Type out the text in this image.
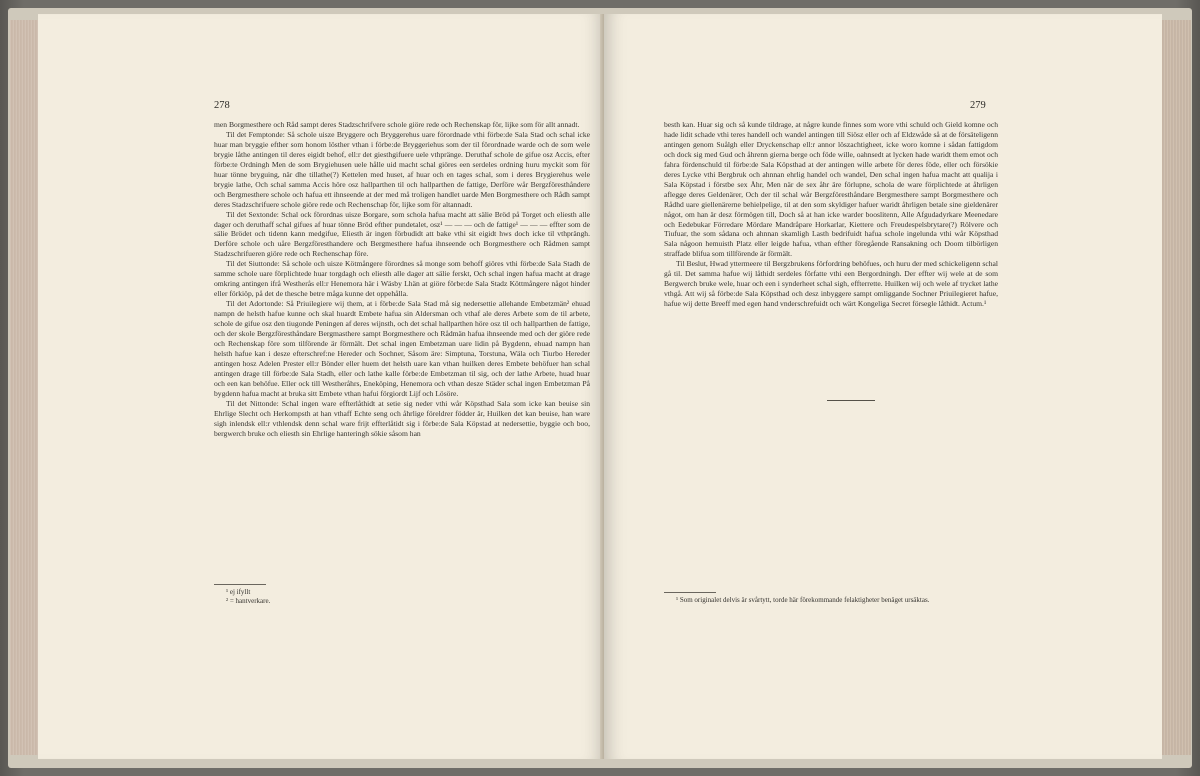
278

men Borgmesthere och Råd sampt deres Stadzschrifvere schole giöre rede och Rechenskap för, lijke som för allt annadt.

Til det Femptonde: Så schole uisze Bryggere och Bryggerehus uare förordnade vthi förbe:de Sala Stad och schal icke huar man bryggie efther som honom lösther vthan i förbe:de Bryggeriehus som der til förordnade warde och de som wele brygie låthe antingen til deres eigidt behof, ell:r det giesthgifuere uele vthpränge. Deruthaf schole de gifue osz Accis, efter förbe:te Ordningh Men de som Brygiehusen uele hålle uid macht schal giöres een serdeles ordning huru myckit som för huar tönne bryguing, när dhe tillathe(?) Kettelen med huset, af huar och en tages schal, som i deres Brygierehus wele brygie lathe, Och schal samma Accis höre osz hallparthen til och hallparthen de fattige, Derföre wår Bergzföresthåndere och Bergmesthere schole och hafua ett ihnseende at der med må troligen handlet uarde Men Borgmesthere och Rådh sampt deres Stadzschrifuere schole giöre rede och Rechenschap för, lijke som för altannadt.

Til det Sextonde: Schal ock förordnas uisze Borgare, som schola hafua macht att sälie Bröd på Torget och eliesth alle dager och deruthaff schal gifues af huar tönne Bröd efther pundetalet, osz¹ — — — och de fattige¹ — — — effter som de sälie Brödet och tidenn kann medgifue, Eliesth är ingen förbudidt att bake vthi sit eigidt hws doch icke til vthprängh. Derföre schole och uåre Bergzföresthandere och Bergmesthere hafua ihnseende och Borgmesthere och Rådmen sampt Stadzschrifueren giöre rede och Rechenschap före.

Til det Siuttonde: Så schole och uisze Kötmångere förordnes så monge som behoff giöres vthi förbe:de Sala Stadh de samme schole uare förplichtede huar torgdagh och eliesth alle dager att sälie ferskt, Och schal ingen hafua macht at drage omkring antingen ifrå Westherås ell:r Henemora här i Wäsby Lhän at giöre förbe:de Sala Stadz Köttmångere något hinder eller förkiöp, på det de thesche betre måga kunne det oppehålla.

Til det Adortonde: Så Priuilegiere wij them, at i förbe:de Sala Stad må sig nedersettie allehande Embetzmän² ehuad nampn de helsth hafue kunne och skal huardt Embete hafua sin Aldersman och vthaf ale deres Arbete som de til arbete, schole de gifue osz den tiugonde Peningen af deres wijnsth, och det schal hallparthen höre osz til och hallparthen de fattige, och der skole Bergzföresthåndare Bergmasthere sampt Borgmesthere och Rådmän hafua ihnseende med och der giöre rede och Rechenskap före som tilförende är förmält. Det schal ingen Embetzman uare lidin på Bygdenn, ehuad nampn han helsth hafue kan i desze efterschref:ne Hereder och Sochner, Såsom äre: Simptuna, Torstuna, Wäla och Tiurbo Hereder antingen hosz Adelen Prester ell:r Bönder eller huem det helsth uare kan vthan huilken deres Embete behöfuer han schal antingen drage till förbe:de Sala Stadh, eller och lathe kalle förbe:de Embetzman til sig, och der lathe Arbete, huad huar och een kan behöfue. Eller ock till Westheråhrs, Eneköping, Henemora och vthan desze Städer schal ingen Embetzman På bygdenn hafua macht at bruka sitt Embete vthan hafui förgiordt Lijf och Lösöre.

Til det Nittonde: Schal ingen ware effterlåthidt at setie sig neder vthi wår Köpsthad Sala som icke kan beuise sin Ehrlige Slecht och Herkompsth at han vthaff Echte seng och åhrlige föreldrer födder är, Huilken det kan beuise, han ware sigh inlendsk ell:r vthlendsk denn schal ware frijt effterlåtidt sig i förbe:de Sala Köpstad at nedersettie, byggie och boo, bergwerch bruke och eliesth sin Ehrlige hanteringh sökie såsom han

¹ ej ifyllt
² = hantverkare.
279

besth kan. Huar sig och så kunde tildrage, at någre kunde finnes som wore vthi schuld och Gield komne och hade lidit schade vthi teres handell och wandel antingen till Siösz eller och af Eldzwåde så at de försäteligenn antingen genom Suålgh eller Dryckenschap ell:r annor löszachtigheet, icke woro komne i sådan fattigdom och dock sig med Gud och åhrenn gierna berge och föde wille, oahnsedt at lycken hade waridt them emot och fahra fördenschuld til förbe:de Sala Köpsthad at der antingen wille arbete för deres föde, eller och försökie deres Lycke vthi Bergbruk och ahnnan ehrlig handel och wandel, Den schal ingen hafua macht att qualija i Sala Köpstad i förstbe sex Åhr, Men när de sex åhr äre förlupne, schola de ware förplichtede at åhrligen aflegge deres Geldenärer, Och der til schal wår Bergzföresthåndare Bergmesthere sampt Borgmesthere och Rådhd uare giellenärerne behielpelige, til at den som skyldiger hafuer waridt åhrligen betale sine gieldenärer något, om han är desz förmögen till, Doch så at han icke warder booslitenn, Alle Afgudadyrkare Meenedare och Eedebukar Förredare Mördare Mandråpare Horkarlar, Kiettere och Freudespelsbrytare(?) Rölvere och Tiufuar, the som sådana och ahnnan skamligh Lasth bedrifuidt hafua schole ingelunda vthi wår Köpsthad Sala någoon hemuisth Platz eller leigde hafua, vthan efther föregående Ransakning och Doom tilbörligen straffade blifua som tillförende är förmält.

Til Beslut, Hwad yttermeere til Bergzbrukens förfordring behöfues, och huru der med schickeligenn schal gå til. Det samma hafue wij låthidt serdeles författe vthi een Bergordningh. Der effter wij wele at de som Bergwerch bruke wele, huar och een i synderheet schal sigh, effterrette. Huilken wij och wele af trycket lathe vthgå. Att wij så förbe:de Sala Köpsthad och desz inbyggere sampt omliggande Sochner Priuilegieret hafue, hafue wij dette Breeff med egen hand vnderschrefuidt och wärt Kongeliga Secret försegle låthidt. Actum.¹

¹ Som originalet delvis är svårtytt, torde här förekommande felaktigheter benäget ursäktas.
